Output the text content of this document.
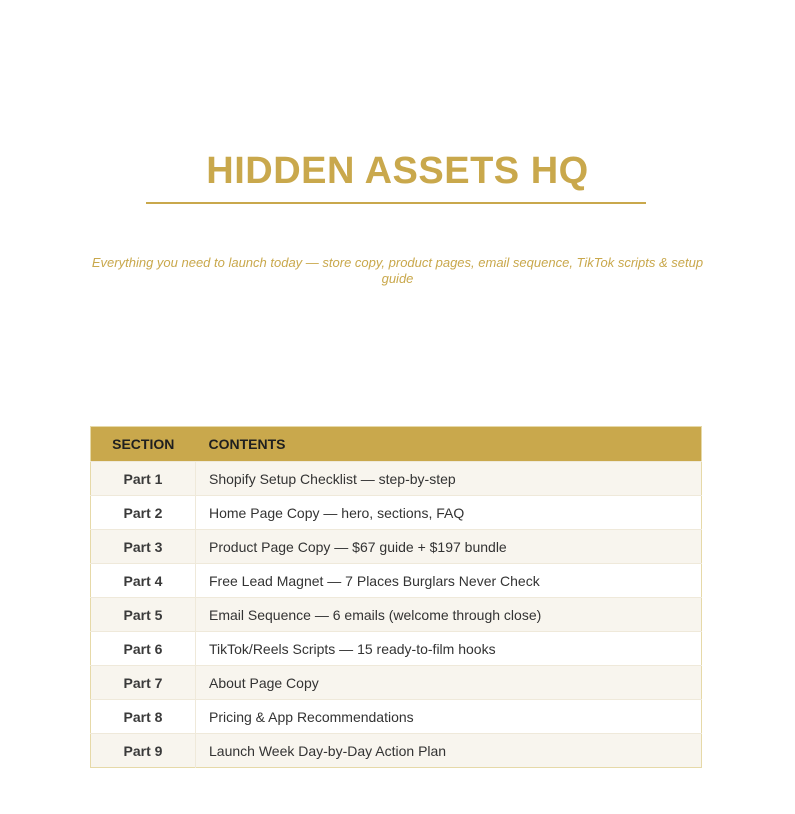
HIDDEN ASSETS HQ

Everything you need to launch today — store copy, product pages, email sequence, TikTok scripts & setup guide

SECTION	CONTENTS
Part 1	Shopify Setup Checklist — step-by-step
Part 2	Home Page Copy — hero, sections, FAQ
Part 3	Product Page Copy — $67 guide + $197 bundle
Part 4	Free Lead Magnet — 7 Places Burglars Never Check
Part 5	Email Sequence — 6 emails (welcome through close)
Part 6	TikTok/Reels Scripts — 15 ready-to-film hooks
Part 7	About Page Copy
Part 8	Pricing & App Recommendations
Part 9	Launch Week Day-by-Day Action Plan
